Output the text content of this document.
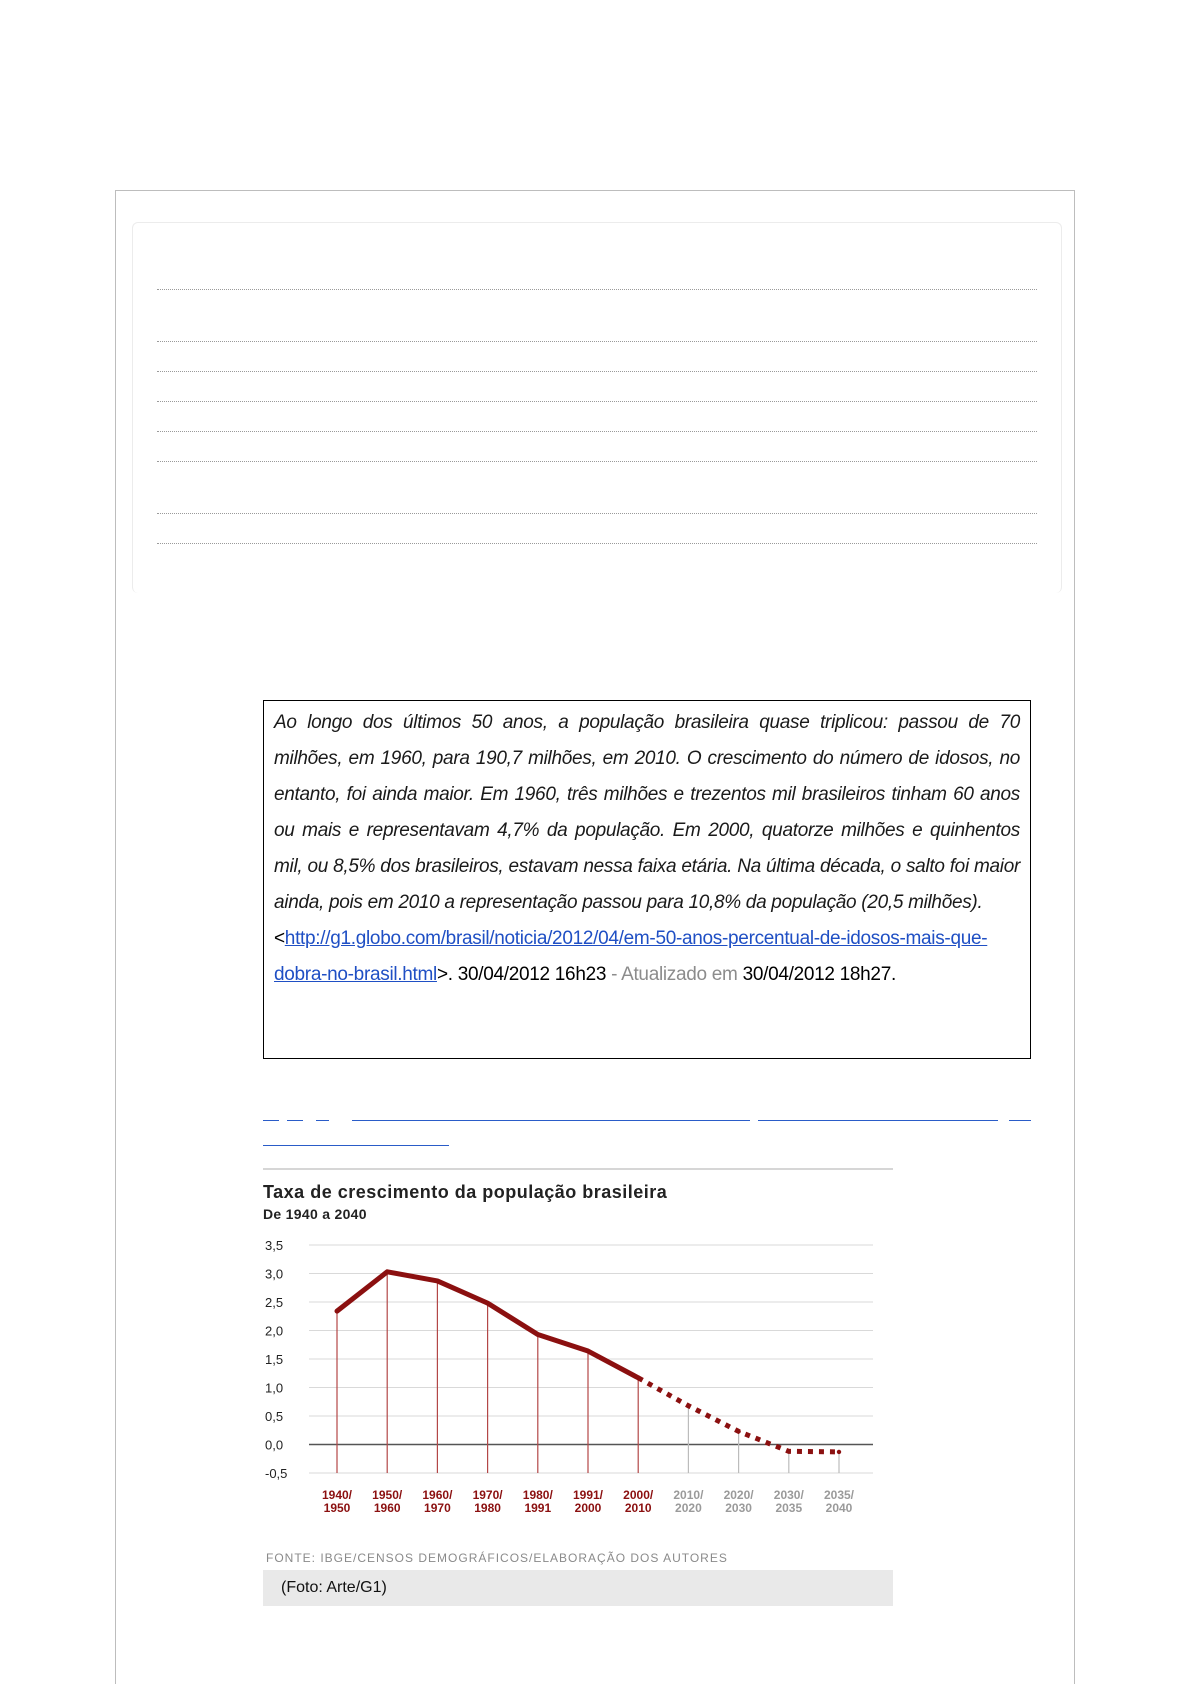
Ao longo dos últimos 50 anos, a população brasileira quase triplicou: passou de 70 milhões, em 1960, para 190,7 milhões, em 2010. O crescimento do número de idosos, no entanto, foi ainda maior. Em 1960, três milhões e trezentos mil brasileiros tinham 60 anos ou mais e representavam 4,7% da população. Em 2000, quatorze milhões e quinhentos mil, ou 8,5% dos brasileiros, estavam nessa faixa etária. Na última década, o salto foi maior ainda, pois em 2010 a representação passou para 10,8% da população (20,5 milhões).

<http://g1.globo.com/brasil/noticia/2012/04/em-50-anos-percentual-de-idosos-mais-que-dobra-no-brasil.html>. 30/04/2012 16h23 - Atualizado em 30/04/2012 18h27.

Taxa de crescimento da população brasileira
De 1940 a 2040
3,5
3,0
2,5
2,0
1,5
1,0
0,5
0,0
-0,5
1940/
1950
1950/
1960
1960/
1970
1970/
1980
1980/
1991
1991/
2000
2000/
2010
2010/
2020
2020/
2030
2030/
2035
2035/
2040
FONTE: IBGE/CENSOS DEMOGRÁFICOS/ELABORAÇÃO DOS AUTORES
(Foto: Arte/G1)
